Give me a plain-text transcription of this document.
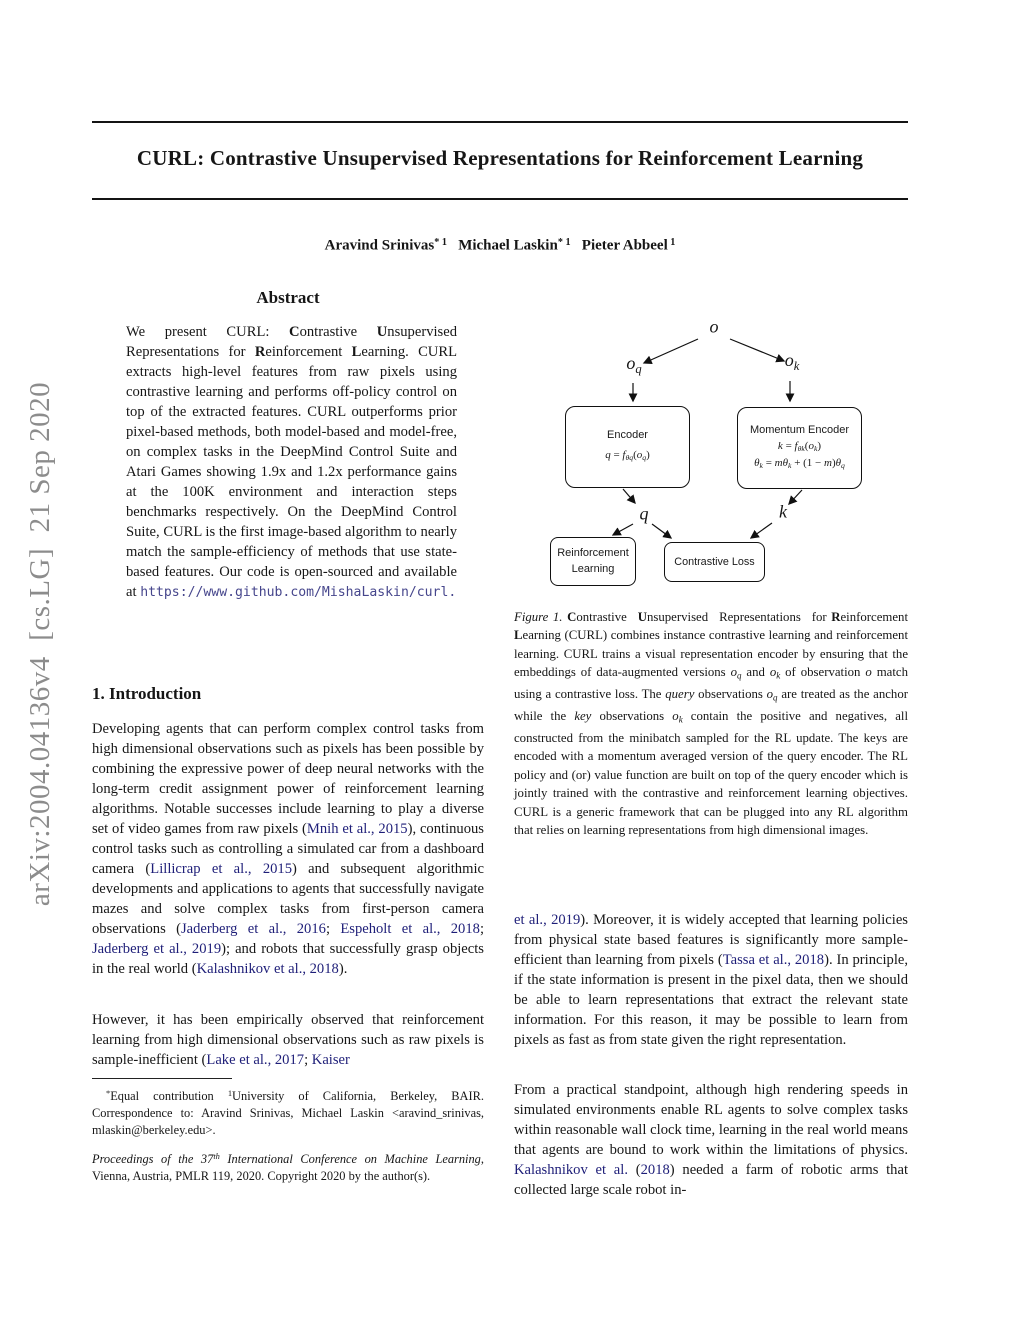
arXiv:2004.04136v4  [cs.LG]  21 Sep 2020
CURL: Contrastive Unsupervised Representations for Reinforcement Learning
Aravind Srinivas$^{* 1}$  Michael Laskin$^{* 1}$  Pieter Abbeel $^1$
Abstract
We present CURL: Contrastive Unsupervised Representations for Reinforcement Learning. CURL extracts high-level features from raw pixels using contrastive learning and performs off-policy control on top of the extracted features. CURL outperforms prior pixel-based methods, both model-based and model-free, on complex tasks in the DeepMind Control Suite and Atari Games showing 1.9x and 1.2x performance gains at the 100K environment and interaction steps benchmarks respectively. On the DeepMind Control Suite, CURL is the first image-based algorithm to nearly match the sample-efficiency of methods that use state-based features. Our code is open-sourced and available at https://www.github.com/MishaLaskin/curl.
1. Introduction
Developing agents that can perform complex control tasks from high dimensional observations such as pixels has been possible by combining the expressive power of deep neural networks with the long-term credit assignment power of reinforcement learning algorithms. Notable successes include learning to play a diverse set of video games from raw pixels (Mnih et al., 2015), continuous control tasks such as controlling a simulated car from a dashboard camera (Lillicrap et al., 2015) and subsequent algorithmic developments and applications to agents that successfully navigate mazes and solve complex tasks from first-person camera observations (Jaderberg et al., 2016; Espeholt et al., 2018; Jaderberg et al., 2019); and robots that successfully grasp objects in the real world (Kalashnikov et al., 2018).
However, it has been empirically observed that reinforcement learning from high dimensional observations such as raw pixels is sample-inefficient (Lake et al., 2017; Kaiser
*Equal contribution $^1$University of California, Berkeley, BAIR. Correspondence to: Aravind Srinivas, Michael Laskin <aravind_srinivas, mlaskin@berkeley.edu>.
Proceedings of the 37th International Conference on Machine Learning, Vienna, Austria, PMLR 119, 2020. Copyright 2020 by the author(s).
o
oq	ok
Encoder
q = fθq(oq)
Momentum Encoder
k = fθk(ok)
θk = mθk + (1 − m)θq
q	k
Reinforcement Learning
Contrastive Loss
Figure 1. Contrastive  Unsupervised  Representations  for Reinforcement Learning (CURL) combines instance contrastive learning and reinforcement learning. CURL trains a visual representation encoder by ensuring that the embeddings of data-augmented versions oq and ok of observation o match using a contrastive loss. The query observations oq are treated as the anchor while the key observations ok contain the positive and negatives, all constructed from the minibatch sampled for the RL update. The keys are encoded with a momentum averaged version of the query encoder. The RL policy and (or) value function are built on top of the query encoder which is jointly trained with the contrastive and reinforcement learning objectives. CURL is a generic framework that can be plugged into any RL algorithm that relies on learning representations from high dimensional images.
et al., 2019). Moreover, it is widely accepted that learning policies from physical state based features is significantly more sample-efficient than learning from pixels (Tassa et al., 2018). In principle, if the state information is present in the pixel data, then we should be able to learn representations that extract the relevant state information. For this reason, it may be possible to learn from pixels as fast as from state given the right representation.
From a practical standpoint, although high rendering speeds in simulated environments enable RL agents to solve complex tasks within reasonable wall clock time, learning in the real world means that agents are bound to work within the limitations of physics. Kalashnikov et al. (2018) needed a farm of robotic arms that collected large scale robot in-
